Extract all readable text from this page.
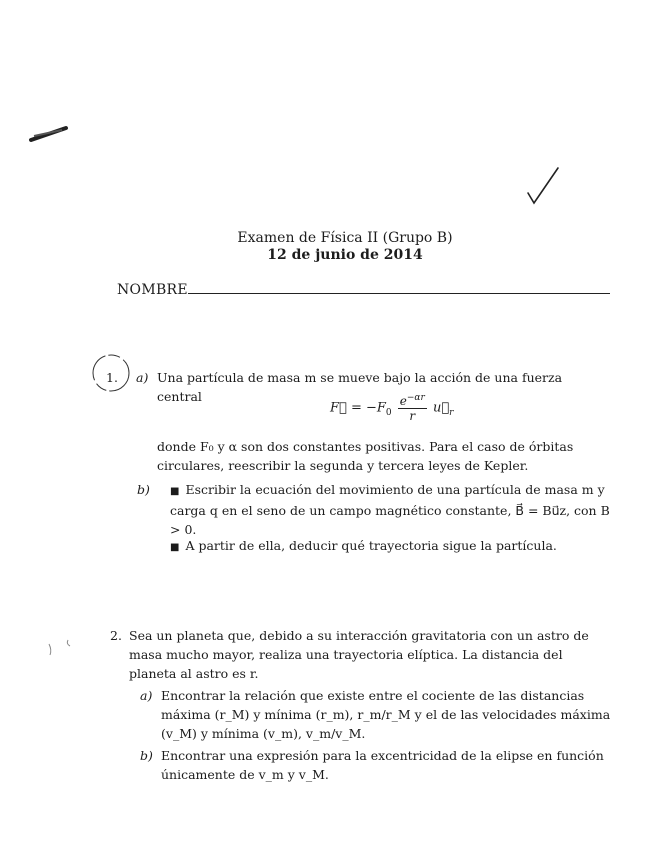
Examen de Física II (Grupo B)
12 de junio de 2014
NOMBRE
1. a) Una partícula de masa m se mueve bajo la acción de una fuerza central
F⃗ = $-F_0 \frac{e^{-\alpha r}}{r}$ $u⃗_r$
donde F₀ y α son dos constantes positivas. Para el caso de órbitas circulares, reescribir la segunda y tercera leyes de Kepler.
b) ■ Escribir la ecuación del movimiento de una partícula de masa m y carga q en el seno de un campo magnético constante, B⃗ = Bu⃗z, con B > 0.
■ A partir de ella, deducir qué trayectoria sigue la partícula.
2. Sea un planeta que, debido a su interacción gravitatoria con un astro de masa mucho mayor, realiza una trayectoria elíptica. La distancia del planeta al astro es r.
a) Encontrar la relación que existe entre el cociente de las distancias máxima (r_M) y mínima (r_m), r_m/r_M y el de las velocidades máxima (v_M) y mínima (v_m), v_m/v_M.
b) Encontrar una expresión para la excentricidad de la elipse en función únicamente de v_m y v_M.
